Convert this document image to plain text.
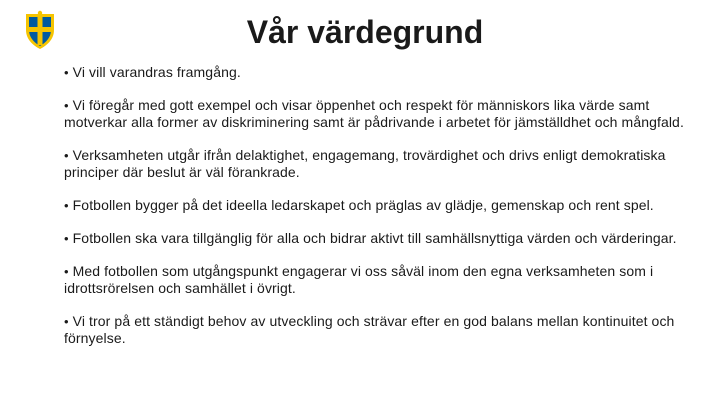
Vår värdegrund

• Vi vill varandras framgång.

• Vi föregår med gott exempel och visar öppenhet och respekt för människors lika värde samt motverkar alla former av diskriminering samt är pådrivande i arbetet för jämställdhet och mångfald.

• Verksamheten utgår ifrån delaktighet, engagemang, trovärdighet och drivs enligt demokratiska principer där beslut är väl förankrade.

• Fotbollen bygger på det ideella ledarskapet och präglas av glädje, gemenskap och rent spel.

• Fotbollen ska vara tillgänglig för alla och bidrar aktivt till samhällsnyttiga värden och värderingar.

• Med fotbollen som utgångspunkt engagerar vi oss såväl inom den egna verksamheten som i idrottsrörelsen och samhället i övrigt.

• Vi tror på ett ständigt behov av utveckling och strävar efter en god balans mellan kontinuitet och förnyelse.
